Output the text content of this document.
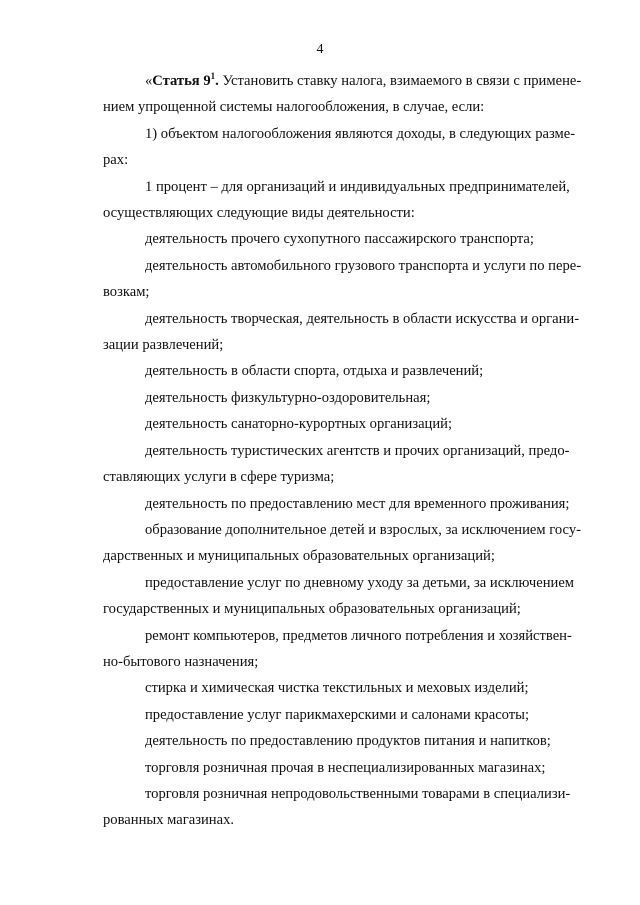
4

«Статья $9^1$. Установить ставку налога, взимаемого в связи с примене-
нием упрощенной системы налогообложения, в случае, если:

1) объектом налогообложения являются доходы, в следующих разме-
рах:

1 процент – для организаций и индивидуальных предпринимателей,
осуществляющих следующие виды деятельности:

деятельность прочего сухопутного пассажирского транспорта;

деятельность автомобильного грузового транспорта и услуги по пере-
возкам;

деятельность творческая, деятельность в области искусства и органи-
зации развлечений;

деятельность в области спорта, отдыха и развлечений;

деятельность физкультурно-оздоровительная;

деятельность санаторно-курортных организаций;

деятельность туристических агентств и прочих организаций, предо-
ставляющих услуги в сфере туризма;

деятельность по предоставлению мест для временного проживания;

образование дополнительное детей и взрослых, за исключением госу-
дарственных и муниципальных образовательных организаций;

предоставление услуг по дневному уходу за детьми, за исключением
государственных и муниципальных образовательных организаций;

ремонт компьютеров, предметов личного потребления и хозяйствен-
но-бытового назначения;

стирка и химическая чистка текстильных и меховых изделий;

предоставление услуг парикмахерскими и салонами красоты;

деятельность по предоставлению продуктов питания и напитков;

торговля розничная прочая в неспециализированных магазинах;

торговля розничная непродовольственными товарами в специализи-
рованных магазинах.
